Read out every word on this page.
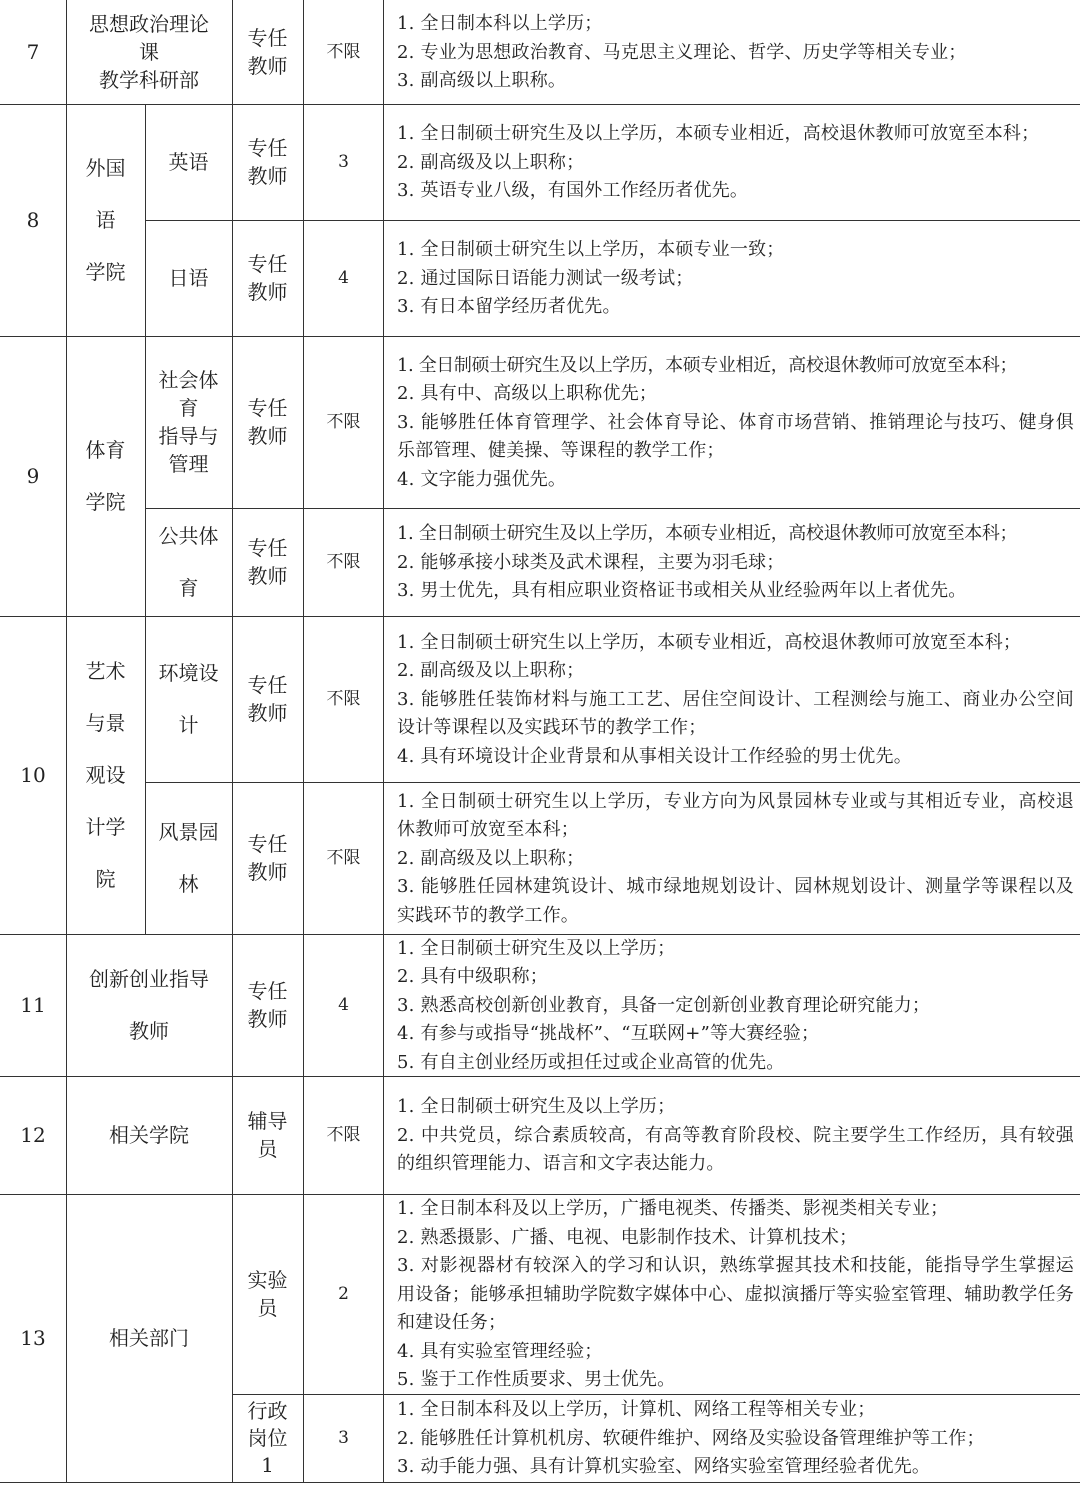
7
思想政治理论
课
教学科研部
专任
教师
不限
1. 全日制本科以上学历；
2. 专业为思想政治教育、马克思主义理论、哲学、历史学等相关专业；
3. 副高级以上职称。
8
外国
语
学院
英语
专任
教师
3
1. 全日制硕士研究生及以上学历，本硕专业相近，高校退休教师可放宽至本科；
2. 副高级及以上职称；
3. 英语专业八级，有国外工作经历者优先。
日语
专任
教师
4
1. 全日制硕士研究生以上学历，本硕专业一致；
2. 通过国际日语能力测试一级考试；
3. 有日本留学经历者优先。
9
体育
学院
社会体
育
指导与
管理
专任
教师
不限
1. 全日制硕士研究生及以上学历，本硕专业相近，高校退休教师可放宽至本科；
2. 具有中、高级以上职称优先；
3. 能够胜任体育管理学、社会体育导论、体育市场营销、推销理论与技巧、健身俱乐部管理、健美操、等课程的教学工作；
4. 文字能力强优先。
公共体
育
专任
教师
不限
1. 全日制硕士研究生及以上学历，本硕专业相近，高校退休教师可放宽至本科；
2. 能够承接小球类及武术课程，主要为羽毛球；
3. 男士优先，具有相应职业资格证书或相关从业经验两年以上者优先。
10
艺术
与景
观设
计学
院
环境设
计
专任
教师
不限
1. 全日制硕士研究生以上学历，本硕专业相近，高校退休教师可放宽至本科；
2. 副高级及以上职称；
3. 能够胜任装饰材料与施工工艺、居住空间设计、工程测绘与施工、商业办公空间设计等课程以及实践环节的教学工作；
4. 具有环境设计企业背景和从事相关设计工作经验的男士优先。
风景园
林
专任
教师
不限
1. 全日制硕士研究生以上学历，专业方向为风景园林专业或与其相近专业，高校退休教师可放宽至本科；
2. 副高级及以上职称；
3. 能够胜任园林建筑设计、城市绿地规划设计、园林规划设计、测量学等课程以及实践环节的教学工作。
11
创新创业指导
教师
专任
教师
4
1. 全日制硕士研究生及以上学历；
2. 具有中级职称；
3. 熟悉高校创新创业教育，具备一定创新创业教育理论研究能力；
4. 有参与或指导“挑战杯”、“互联网+”等大赛经验；
5. 有自主创业经历或担任过或企业高管的优先。
12	相关学院
辅导
员
不限
1. 全日制硕士研究生及以上学历；
2. 中共党员，综合素质较高，有高等教育阶段校、院主要学生工作经历，具有较强的组织管理能力、语言和文字表达能力。
13	相关部门
实验
员
2
1. 全日制本科及以上学历，广播电视类、传播类、影视类相关专业；
2. 熟悉摄影、广播、电视、电影制作技术、计算机技术；
3. 对影视器材有较深入的学习和认识，熟练掌握其技术和技能，能指导学生掌握运用设备；能够承担辅助学院数字媒体中心、虚拟演播厅等实验室管理、辅助教学任务和建设任务；
4. 具有实验室管理经验；
5. 鉴于工作性质要求、男士优先。
行政
岗位
1
3
1. 全日制本科及以上学历，计算机、网络工程等相关专业；
2. 能够胜任计算机机房、软硬件维护、网络及实验设备管理维护等工作；
3. 动手能力强、具有计算机实验室、网络实验室管理经验者优先。
